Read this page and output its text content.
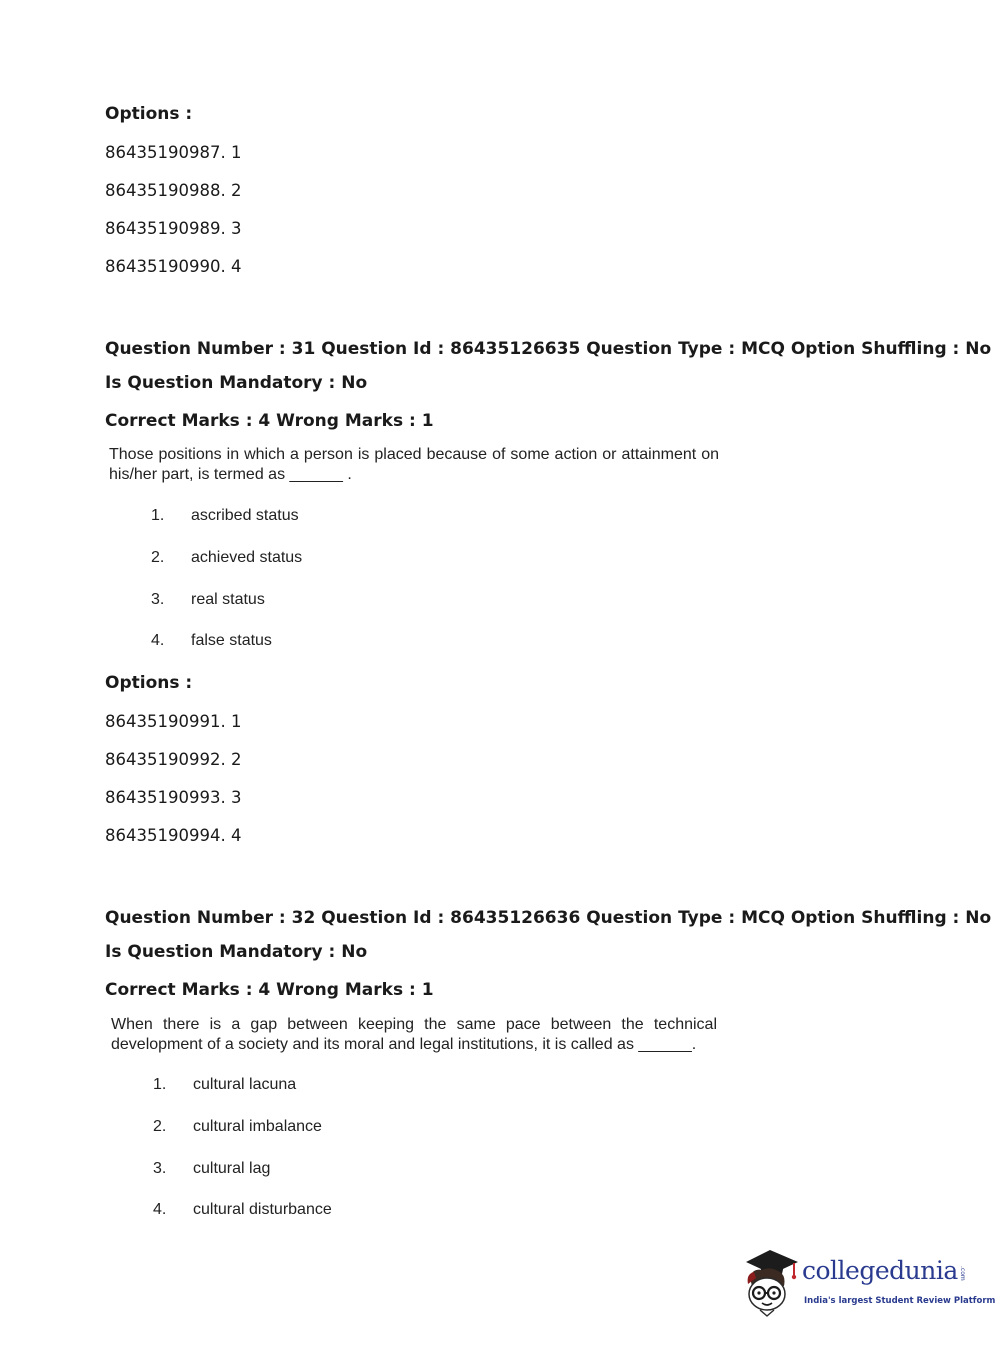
Options :
86435190987. 1
86435190988. 2
86435190989. 3
86435190990. 4
Question Number : 31 Question Id : 86435126635 Question Type : MCQ Option Shuffling : No
Is Question Mandatory : No
Correct Marks : 4 Wrong Marks : 1
Those positions in which a person is placed because of some action or attainment on his/her part, is termed as ______ .
1. ascribed status
2. achieved status
3. real status
4. false status
Options :
86435190991. 1
86435190992. 2
86435190993. 3
86435190994. 4
Question Number : 32 Question Id : 86435126636 Question Type : MCQ Option Shuffling : No
Is Question Mandatory : No
Correct Marks : 4 Wrong Marks : 1
When there is a gap between keeping the same pace between the technical development of a society and its moral and legal institutions, it is called as ______.
1. cultural lacuna
2. cultural imbalance
3. cultural lag
4. cultural disturbance
collegedunia .com
India's largest Student Review Platform
